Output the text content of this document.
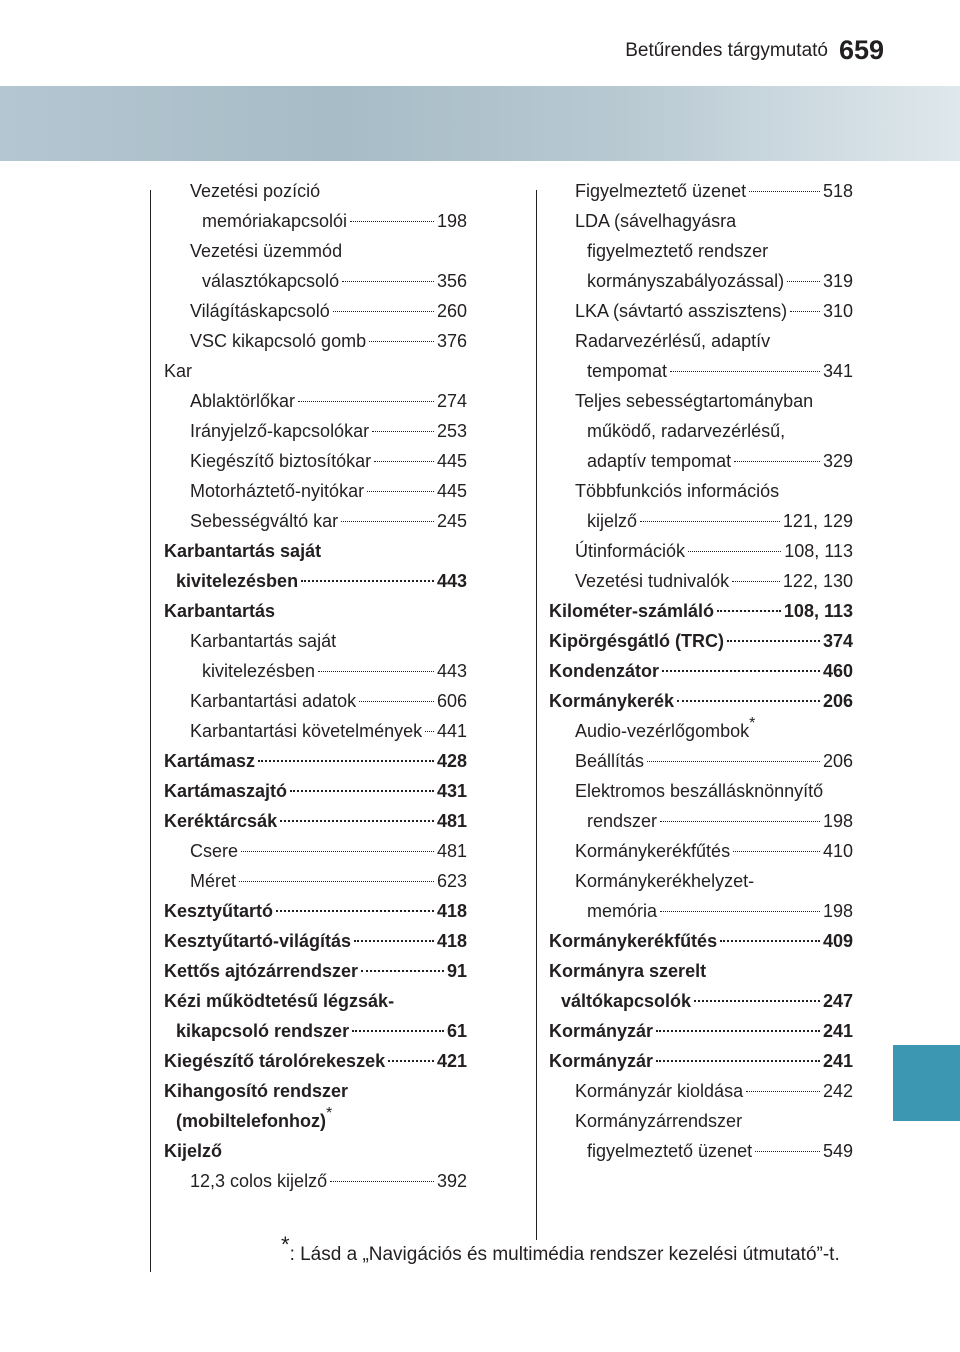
Betűrendes tárgymutató 659
Vezetési pozíció
memóriakapcsolói	198
Vezetési üzemmód
választókapcsoló	356
Világításkapcsoló	260
VSC kikapcsoló gomb	376
Kar
Ablaktörlőkar	274
Irányjelző-kapcsolókar	253
Kiegészítő biztosítókar	445
Motorháztető-nyitókar	445
Sebességváltó kar	245
Karbantartás saját
kivitelezésben	443
Karbantartás
Karbantartás saját
kivitelezésben	443
Karbantartási adatok	606
Karbantartási követelmények 441
Kartámasz	428
Kartámaszajtó	431
Keréktárcsák	481
Csere	481
Méret	623
Kesztyűtartó	418
Kesztyűtartó-világítás	418
Kettős ajtózárrendszer	91
Kézi működtetésű légzsák-
kikapcsoló rendszer	61
Kiegészítő tárolórekeszek	421
Kihangosító rendszer
(mobiltelefonhoz) *
Kijelző
12,3 colos kijelző	392
Figyelmeztető üzenet	518
LDA (sávelhagyásra
figyelmeztető rendszer
kormányszabályozással) 319
LKA (sávtartó asszisztens) 310
Radarvezérlésű, adaptív
tempomat	341
Teljes sebességtartományban
működő, radarvezérlésű,
adaptív tempomat	329
Többfunkciós információs
kijelző	121, 129
Útinformációk	108, 113
Vezetési tudnivalók	122, 130
Kilométer-számláló	108, 113
Kipörgésgátló (TRC)	374
Kondenzátor	460
Kormánykerék	206
Audio-vezérlőgombok *
Beállítás	206
Elektromos beszállásknönnyítő
rendszer	198
Kormánykerékfűtés	410
Kormánykerékhelyzet-
memória	198
Kormánykerékfűtés	409
Kormányra szerelt
váltókapcsolók	247
Kormányzár	241
Kormányzár	241
Kormányzár kioldása	242
Kormányzárrendszer
figyelmeztető üzenet	549
*: Lásd a „Navigációs és multimédia rendszer kezelési útmutató”-t.
